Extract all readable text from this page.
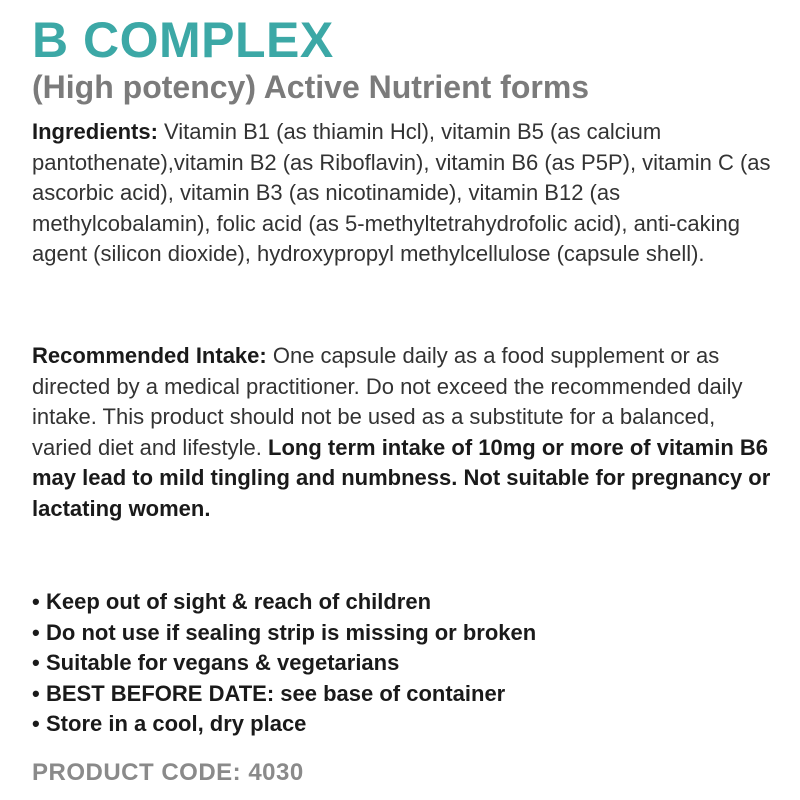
B COMPLEX
(High potency) Active Nutrient forms

Ingredients: Vitamin B1 (as thiamin Hcl), vitamin B5 (as calcium pantothenate),vitamin B2 (as Riboflavin), vitamin B6 (as P5P), vitamin C (as ascorbic acid), vitamin B3 (as nicotinamide), vitamin B12 (as methylcobalamin), folic acid (as 5-methyltetrahydrofolic acid), anti-caking agent (silicon dioxide), hydroxypropyl methylcellulose (capsule shell).

Recommended Intake: One capsule daily as a food supplement or as directed by a medical practitioner. Do not exceed the recommended daily intake. This product should not be used as a substitute for a balanced, varied diet and lifestyle. Long term intake of 10mg or more of vitamin B6 may lead to mild tingling and numbness. Not suitable for pregnancy or lactating women.

• Keep out of sight & reach of children
• Do not use if sealing strip is missing or broken
• Suitable for vegans & vegetarians
• BEST BEFORE DATE: see base of container
• Store in a cool, dry place

PRODUCT CODE: 4030
